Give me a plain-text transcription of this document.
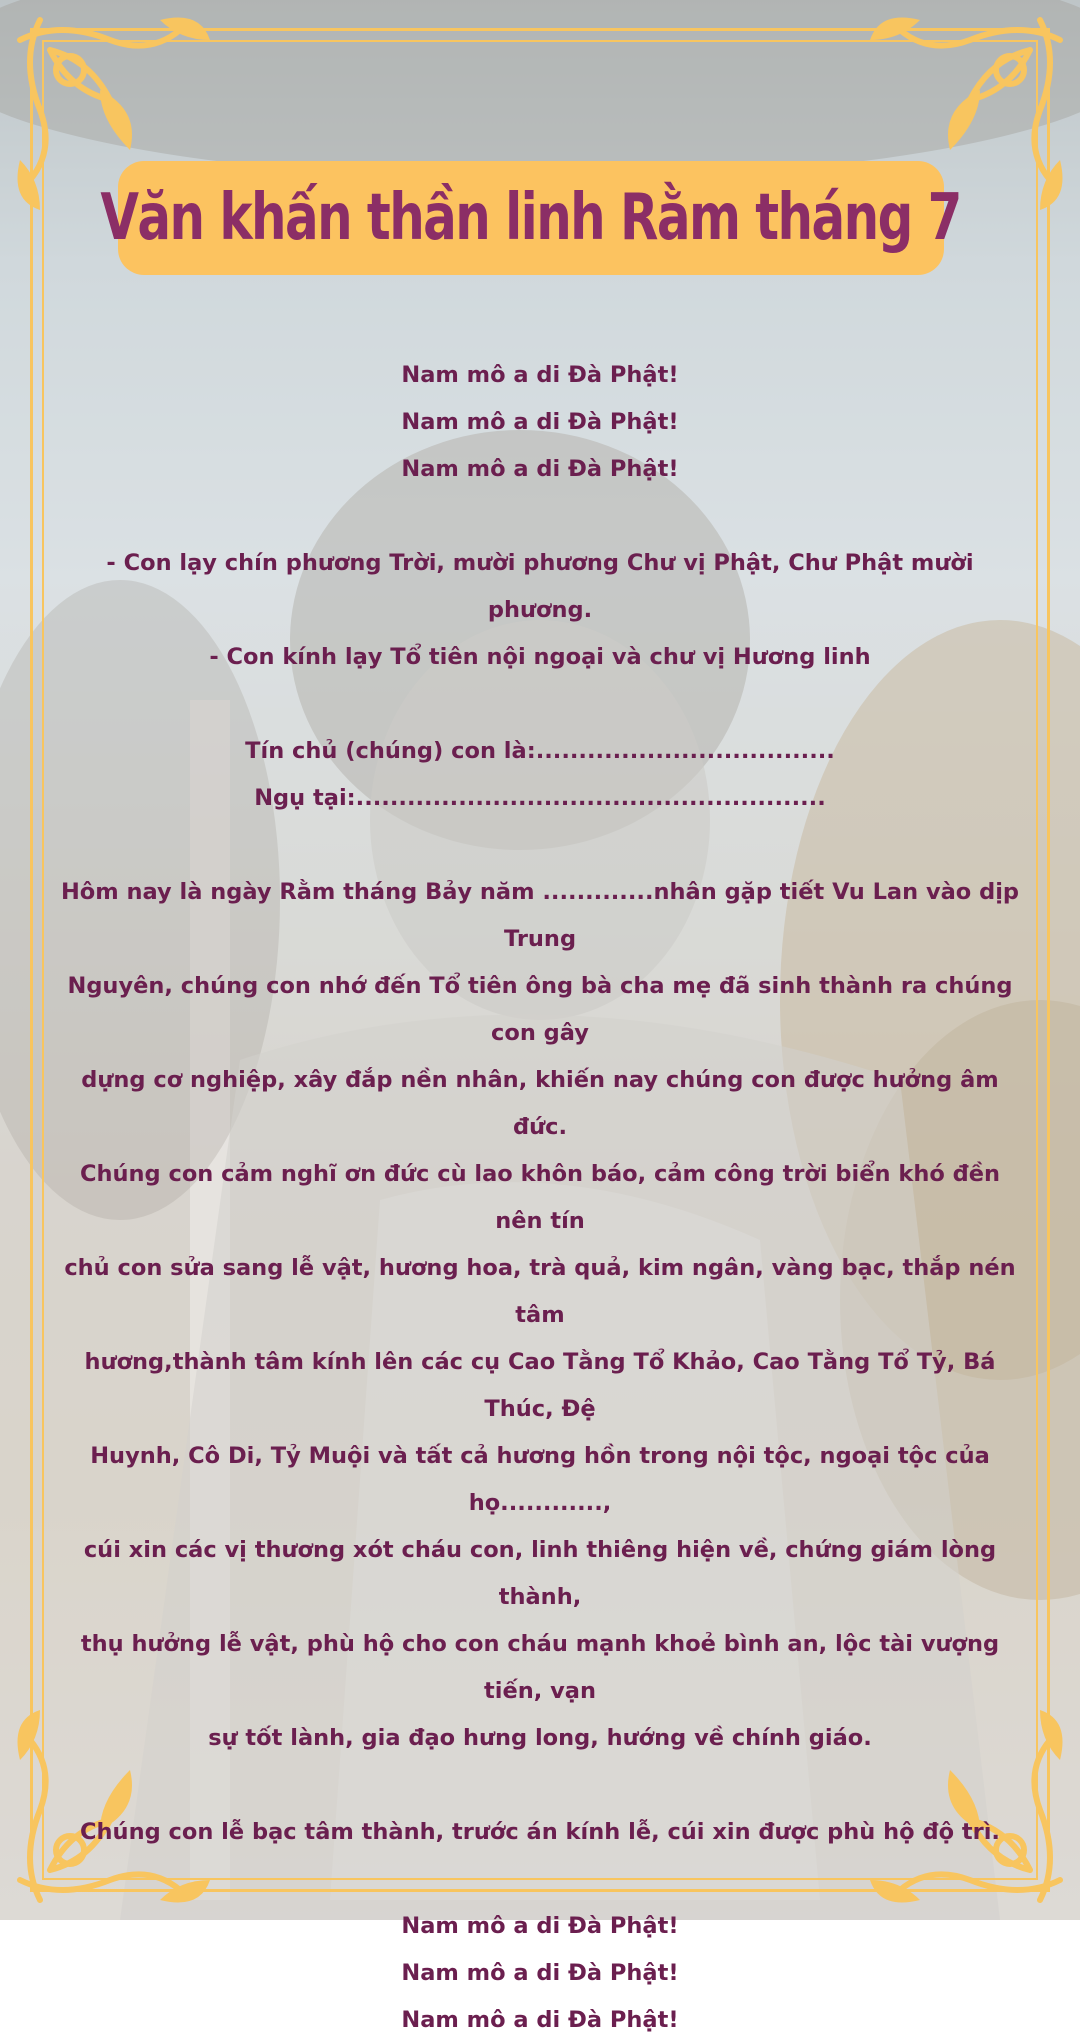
Văn khấn thần linh Rằm tháng 7

Nam mô a di Đà Phật!

Nam mô a di Đà Phật!

Nam mô a di Đà Phật!

- Con lạy chín phương Trời, mười phương Chư vị Phật, Chư Phật mười phương.

- Con kính lạy Tổ tiên nội ngoại và chư vị Hương linh

Tín chủ (chúng) con là:...................................

Ngụ tại:.......................................................

Hôm nay là ngày Rằm tháng Bảy năm .............nhân gặp tiết Vu Lan vào dịp Trung

Nguyên, chúng con nhớ đến Tổ tiên ông bà cha mẹ đã sinh thành ra chúng con gây

dựng cơ nghiệp, xây đắp nền nhân, khiến nay chúng con được hưởng âm đức.

Chúng con cảm nghĩ ơn đức cù lao khôn báo, cảm công trời biển khó đền nên tín

chủ con sửa sang lễ vật, hương hoa, trà quả, kim ngân, vàng bạc, thắp nén tâm

hương,thành tâm kính lên các cụ Cao Tằng Tổ Khảo, Cao Tằng Tổ Tỷ, Bá Thúc, Đệ

Huynh, Cô Di, Tỷ Muội và tất cả hương hồn trong nội tộc, ngoại tộc của họ............,

cúi xin các vị thương xót cháu con, linh thiêng hiện về, chứng giám lòng thành,

thụ hưởng lễ vật, phù hộ cho con cháu mạnh khoẻ bình an, lộc tài vượng tiến, vạn

sự tốt lành, gia đạo hưng long, hướng về chính giáo.

Chúng con lễ bạc tâm thành, trước án kính lễ, cúi xin được phù hộ độ trì.

Nam mô a di Đà Phật!

Nam mô a di Đà Phật!

Nam mô a di Đà Phật!
